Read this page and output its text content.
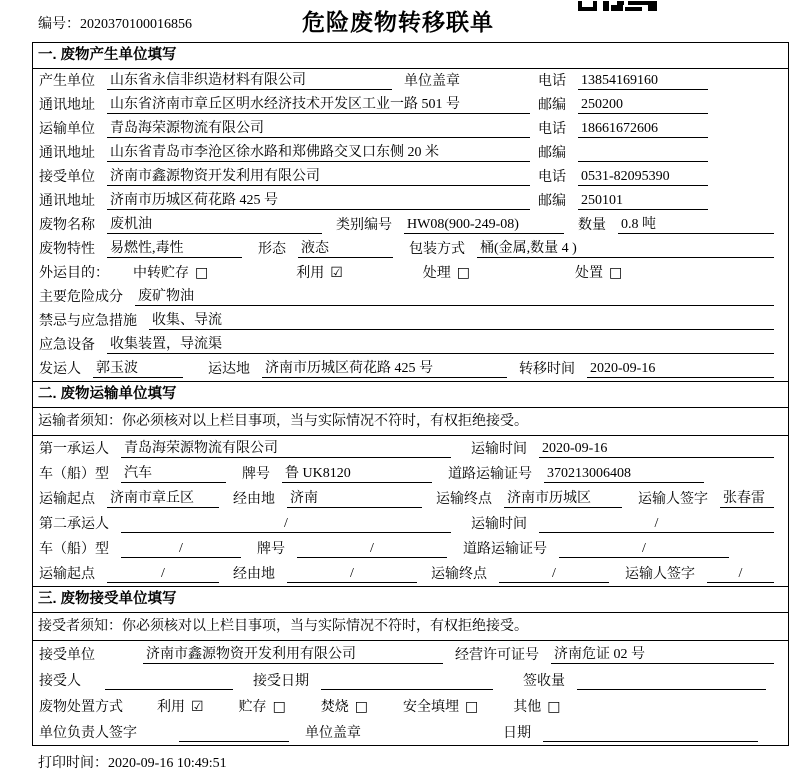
编号：2020370100016856	危险废物转移联单
一. 废物产生单位填写
产生单位 山东省永信非织造材料有限公司	单位盖章	电话 13854169160
通讯地址 山东省济南市章丘区明水经济技术开发区工业一路 501 号	邮编 250200
运输单位 青岛海荣源物流有限公司	电话 18661672606
通讯地址 山东省青岛市李沧区徐水路和郑佛路交叉口东侧 20 米	邮编
接受单位 济南市鑫源物资开发利用有限公司	电话 0531-82095390
通讯地址 济南市历城区荷花路 425 号	邮编 250101
废物名称 废机油	类别编号 HW08(900-249-08)	数量 0.8 吨
废物特性 易燃性,毒性	形态 液态	包装方式 桶(金属,数量 4 )
外运目的： 中转贮存 □	利用 ☑	处理 □	处置 □
主要危险成分 废矿物油
禁忌与应急措施 收集、导流
应急设备 收集装置，导流渠
发运人 郭玉波	运达地 济南市历城区荷花路 425 号	转移时间 2020-09-16
二. 废物运输单位填写
运输者须知：你必须核对以上栏目事项，当与实际情况不符时，有权拒绝接受。
第一承运人 青岛海荣源物流有限公司	运输时间 2020-09-16
车（船）型 汽车	牌号 鲁 UK8120	道路运输证号 370213006408
运输起点 济南市章丘区	经由地 济南	运输终点 济南市历城区	运输人签字 张春雷
第二承运人	/	运输时间	/
车（船）型	/	牌号	/	道路运输证号	/
运输起点	/	经由地	/	运输终点	/	运输人签字	/
三. 废物接受单位填写
接受者须知：你必须核对以上栏目事项，当与实际情况不符时，有权拒绝接受。
接受单位	济南市鑫源物资开发利用有限公司	经营许可证号 济南危证 02 号
接受人	接受日期	签收量
废物处置方式 利用 ☑	贮存 □	焚烧 □	安全填埋 □	其他 □
单位负责人签字	单位盖章	日期
打印时间：2020-09-16 10:49:51
